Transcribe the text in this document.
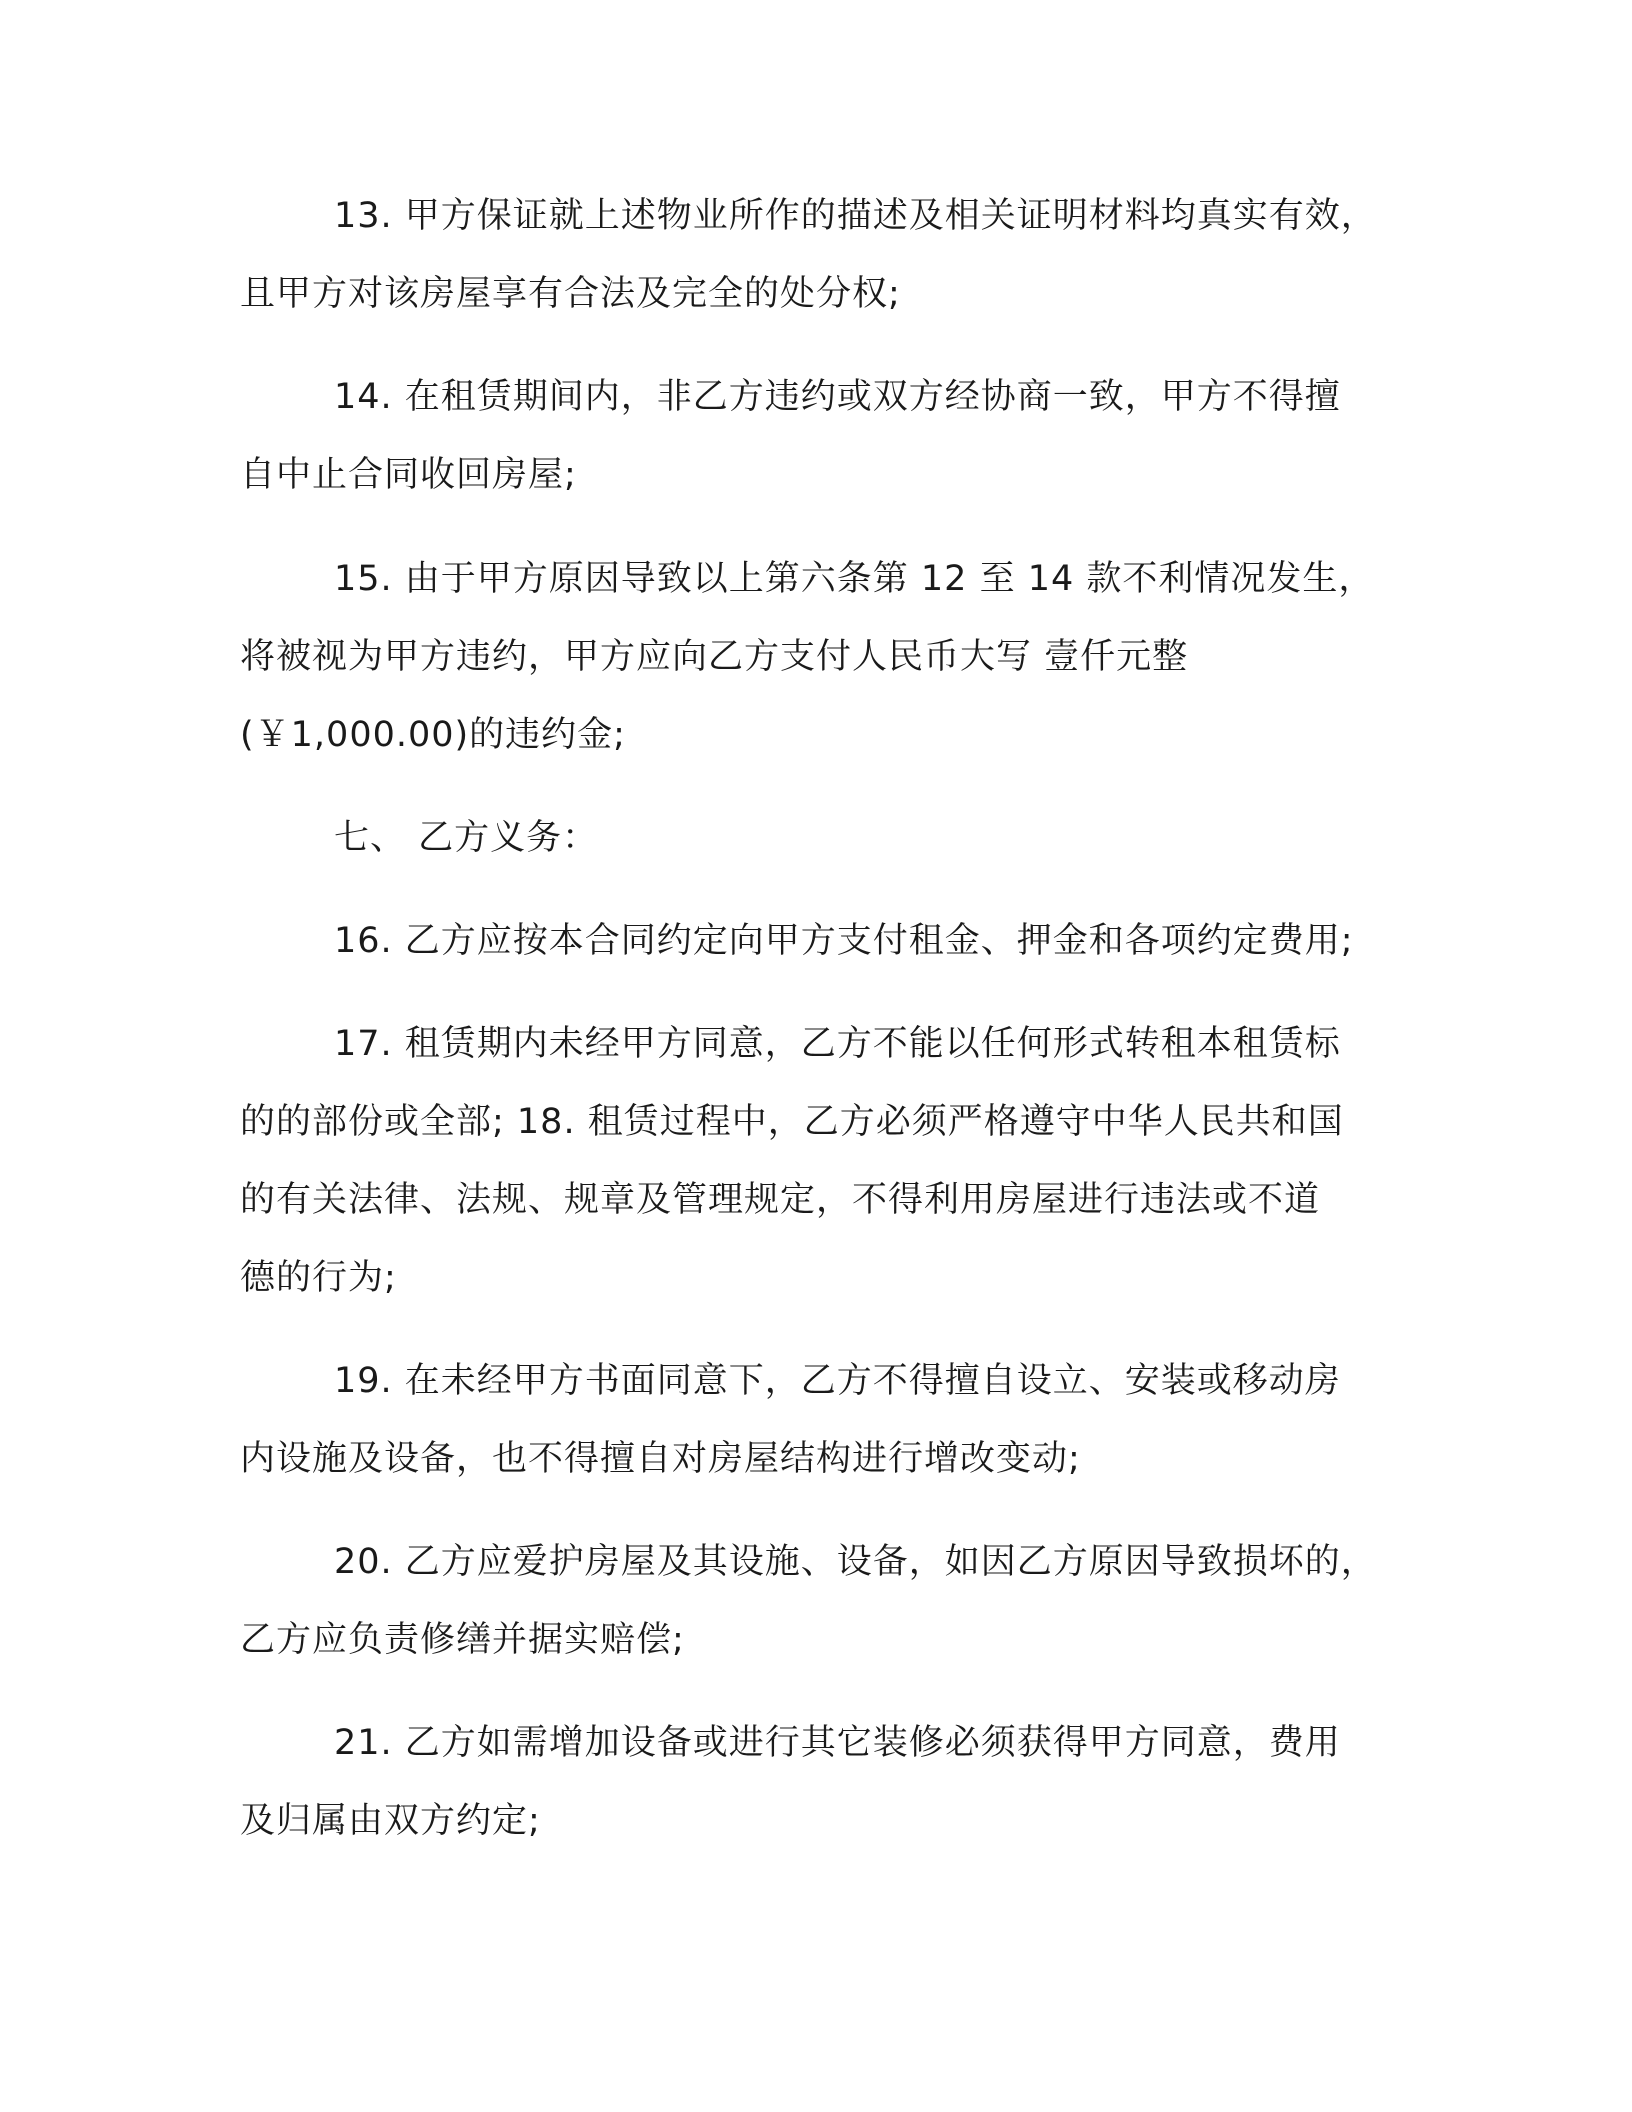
13. 甲方保证就上述物业所作的描述及相关证明材料均真实有效，
且甲方对该房屋享有合法及完全的处分权;
14. 在租赁期间内，非乙方违约或双方经协商一致，甲方不得擅
自中止合同收回房屋;
15. 由于甲方原因导致以上第六条第 12 至 14 款不利情况发生，
将被视为甲方违约，甲方应向乙方支付人民币大写 壹仟元整
(￥1,000.00)的违约金;
七、 乙方义务：
16. 乙方应按本合同约定向甲方支付租金、押金和各项约定费用;
17. 租赁期内未经甲方同意，乙方不能以任何形式转租本租赁标
的的部份或全部; 18. 租赁过程中，乙方必须严格遵守中华人民共和国
的有关法律、法规、规章及管理规定，不得利用房屋进行违法或不道
德的行为;
19. 在未经甲方书面同意下，乙方不得擅自设立、安装或移动房
内设施及设备，也不得擅自对房屋结构进行增改变动;
20. 乙方应爱护房屋及其设施、设备，如因乙方原因导致损坏的，
乙方应负责修缮并据实赔偿;
21. 乙方如需增加设备或进行其它装修必须获得甲方同意，费用
及归属由双方约定;
